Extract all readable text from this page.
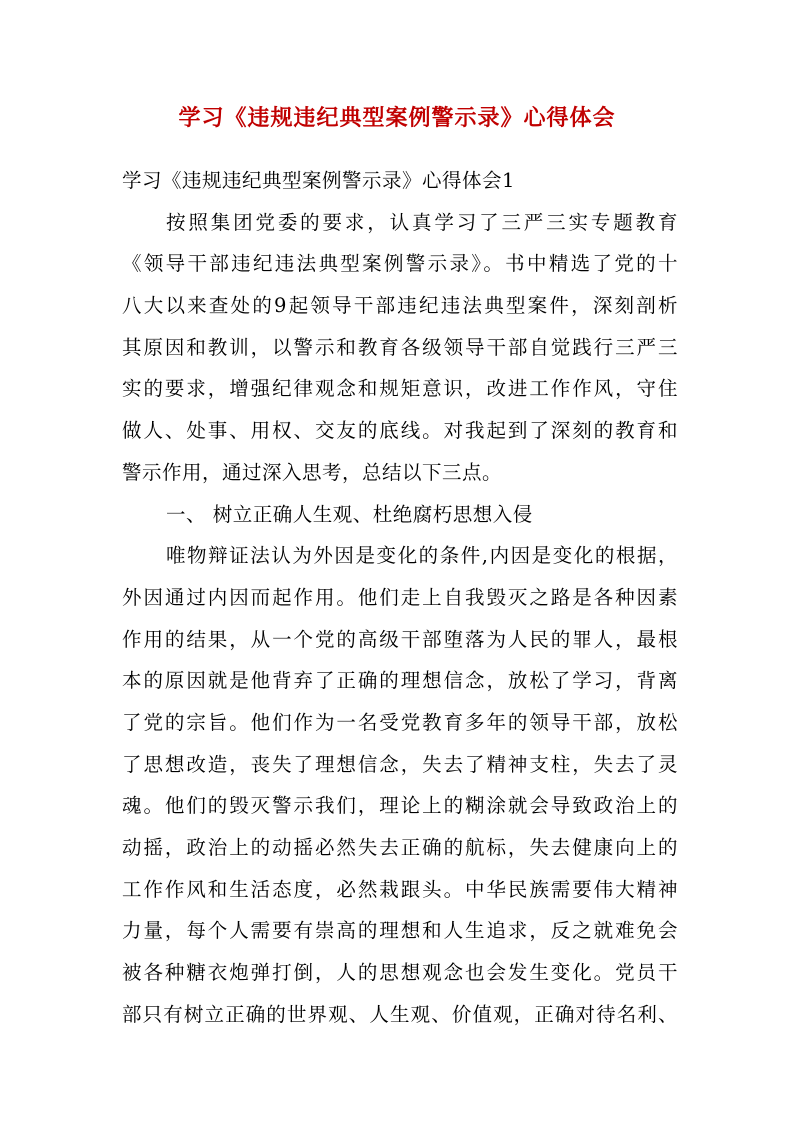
学习《违规违纪典型案例警示录》心得体会
学习《违规违纪典型案例警示录》心得体会1
按照集团党委的要求，认真学习了三严三实专题教育
《领导干部违纪违法典型案例警示录》。书中精选了党的十
八大以来查处的9起领导干部违纪违法典型案件，深刻剖析
其原因和教训，以警示和教育各级领导干部自觉践行三严三
实的要求，增强纪律观念和规矩意识，改进工作作风，守住
做人、处事、用权、交友的底线。对我起到了深刻的教育和
警示作用，通过深入思考，总结以下三点。
一、 树立正确人生观、杜绝腐朽思想入侵
唯物辩证法认为外因是变化的条件,内因是变化的根据，
外因通过内因而起作用。他们走上自我毁灭之路是各种因素
作用的结果，从一个党的高级干部堕落为人民的罪人，最根
本的原因就是他背弃了正确的理想信念，放松了学习，背离
了党的宗旨。他们作为一名受党教育多年的领导干部，放松
了思想改造，丧失了理想信念，失去了精神支柱，失去了灵
魂。他们的毁灭警示我们，理论上的糊涂就会导致政治上的
动摇，政治上的动摇必然失去正确的航标，失去健康向上的
工作作风和生活态度，必然栽跟头。中华民族需要伟大精神
力量，每个人需要有崇高的理想和人生追求，反之就难免会
被各种糖衣炮弹打倒，人的思想观念也会发生变化。党员干
部只有树立正确的世界观、人生观、价值观，正确对待名利、
